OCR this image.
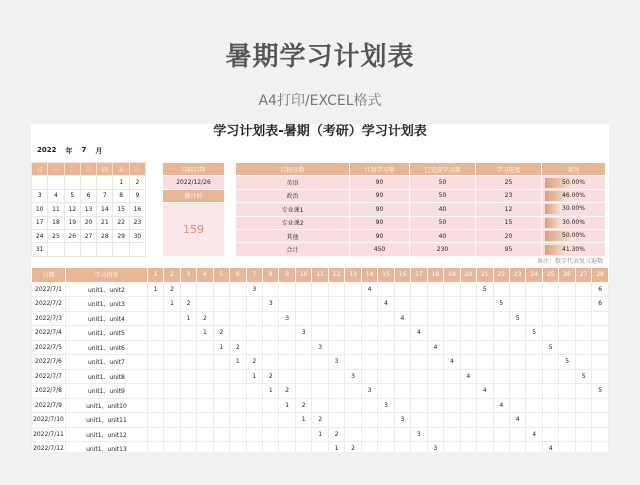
暑期学习计划表
A4打印/EXCEL格式
学习计划表-暑期（考研）学习计划表
2022 年 7 月
日	一	二	三	四	五	六
					1	2
3	4	5	6	7	8	9
10	11	12	13	14	15	16
17	18	19	20	21	22	23
24	25	26	27	28	29	30
31						
目标日期		目标分数	计划学习量	已完成学习量	学习进度	备注	
2022/12/26		英语	90	50	25	50.00%	

倒计时		政治	90	50	23	46.00%	

159		专业课1	90	40	12	30.00%	

		专业课2	90	50	15	30.00%	

		其他	90	40	20	50.00%	

		合计	450	230	95	41.30%	

备注：数字代表复习遍数
日期	学习内容	1	2	3	4	5	6	7	8	9	10	11	12	13	14	15	16	17	18	19	20	21	22	23	24	25	26	27	28
2022/7/1	unit1、unit2	1	2					3							4							5							6
2022/7/2	unit1、unit3		1	2					3							4							5						6
2022/7/3	unit1、unit4			1	2					3							4							5					
2022/7/4	unit1、unit5				1	2					3							4							5				
2022/7/5	unit1、unit6					1	2					3							4							5			
2022/7/6	unit1、unit7						1	2					3							4							5		
2022/7/7	unit1、unit8							1	2					3							4							5	
2022/7/8	unit1、unit9								1	2					3							4							5
2022/7/9	unit1、unit10									1	2					3							4						
2022/7/10	unit1、unit11										1	2					3							4					
2022/7/11	unit1、unit12											1	2					3							4				
2022/7/12	unit1、unit13												1	2					3							4			
